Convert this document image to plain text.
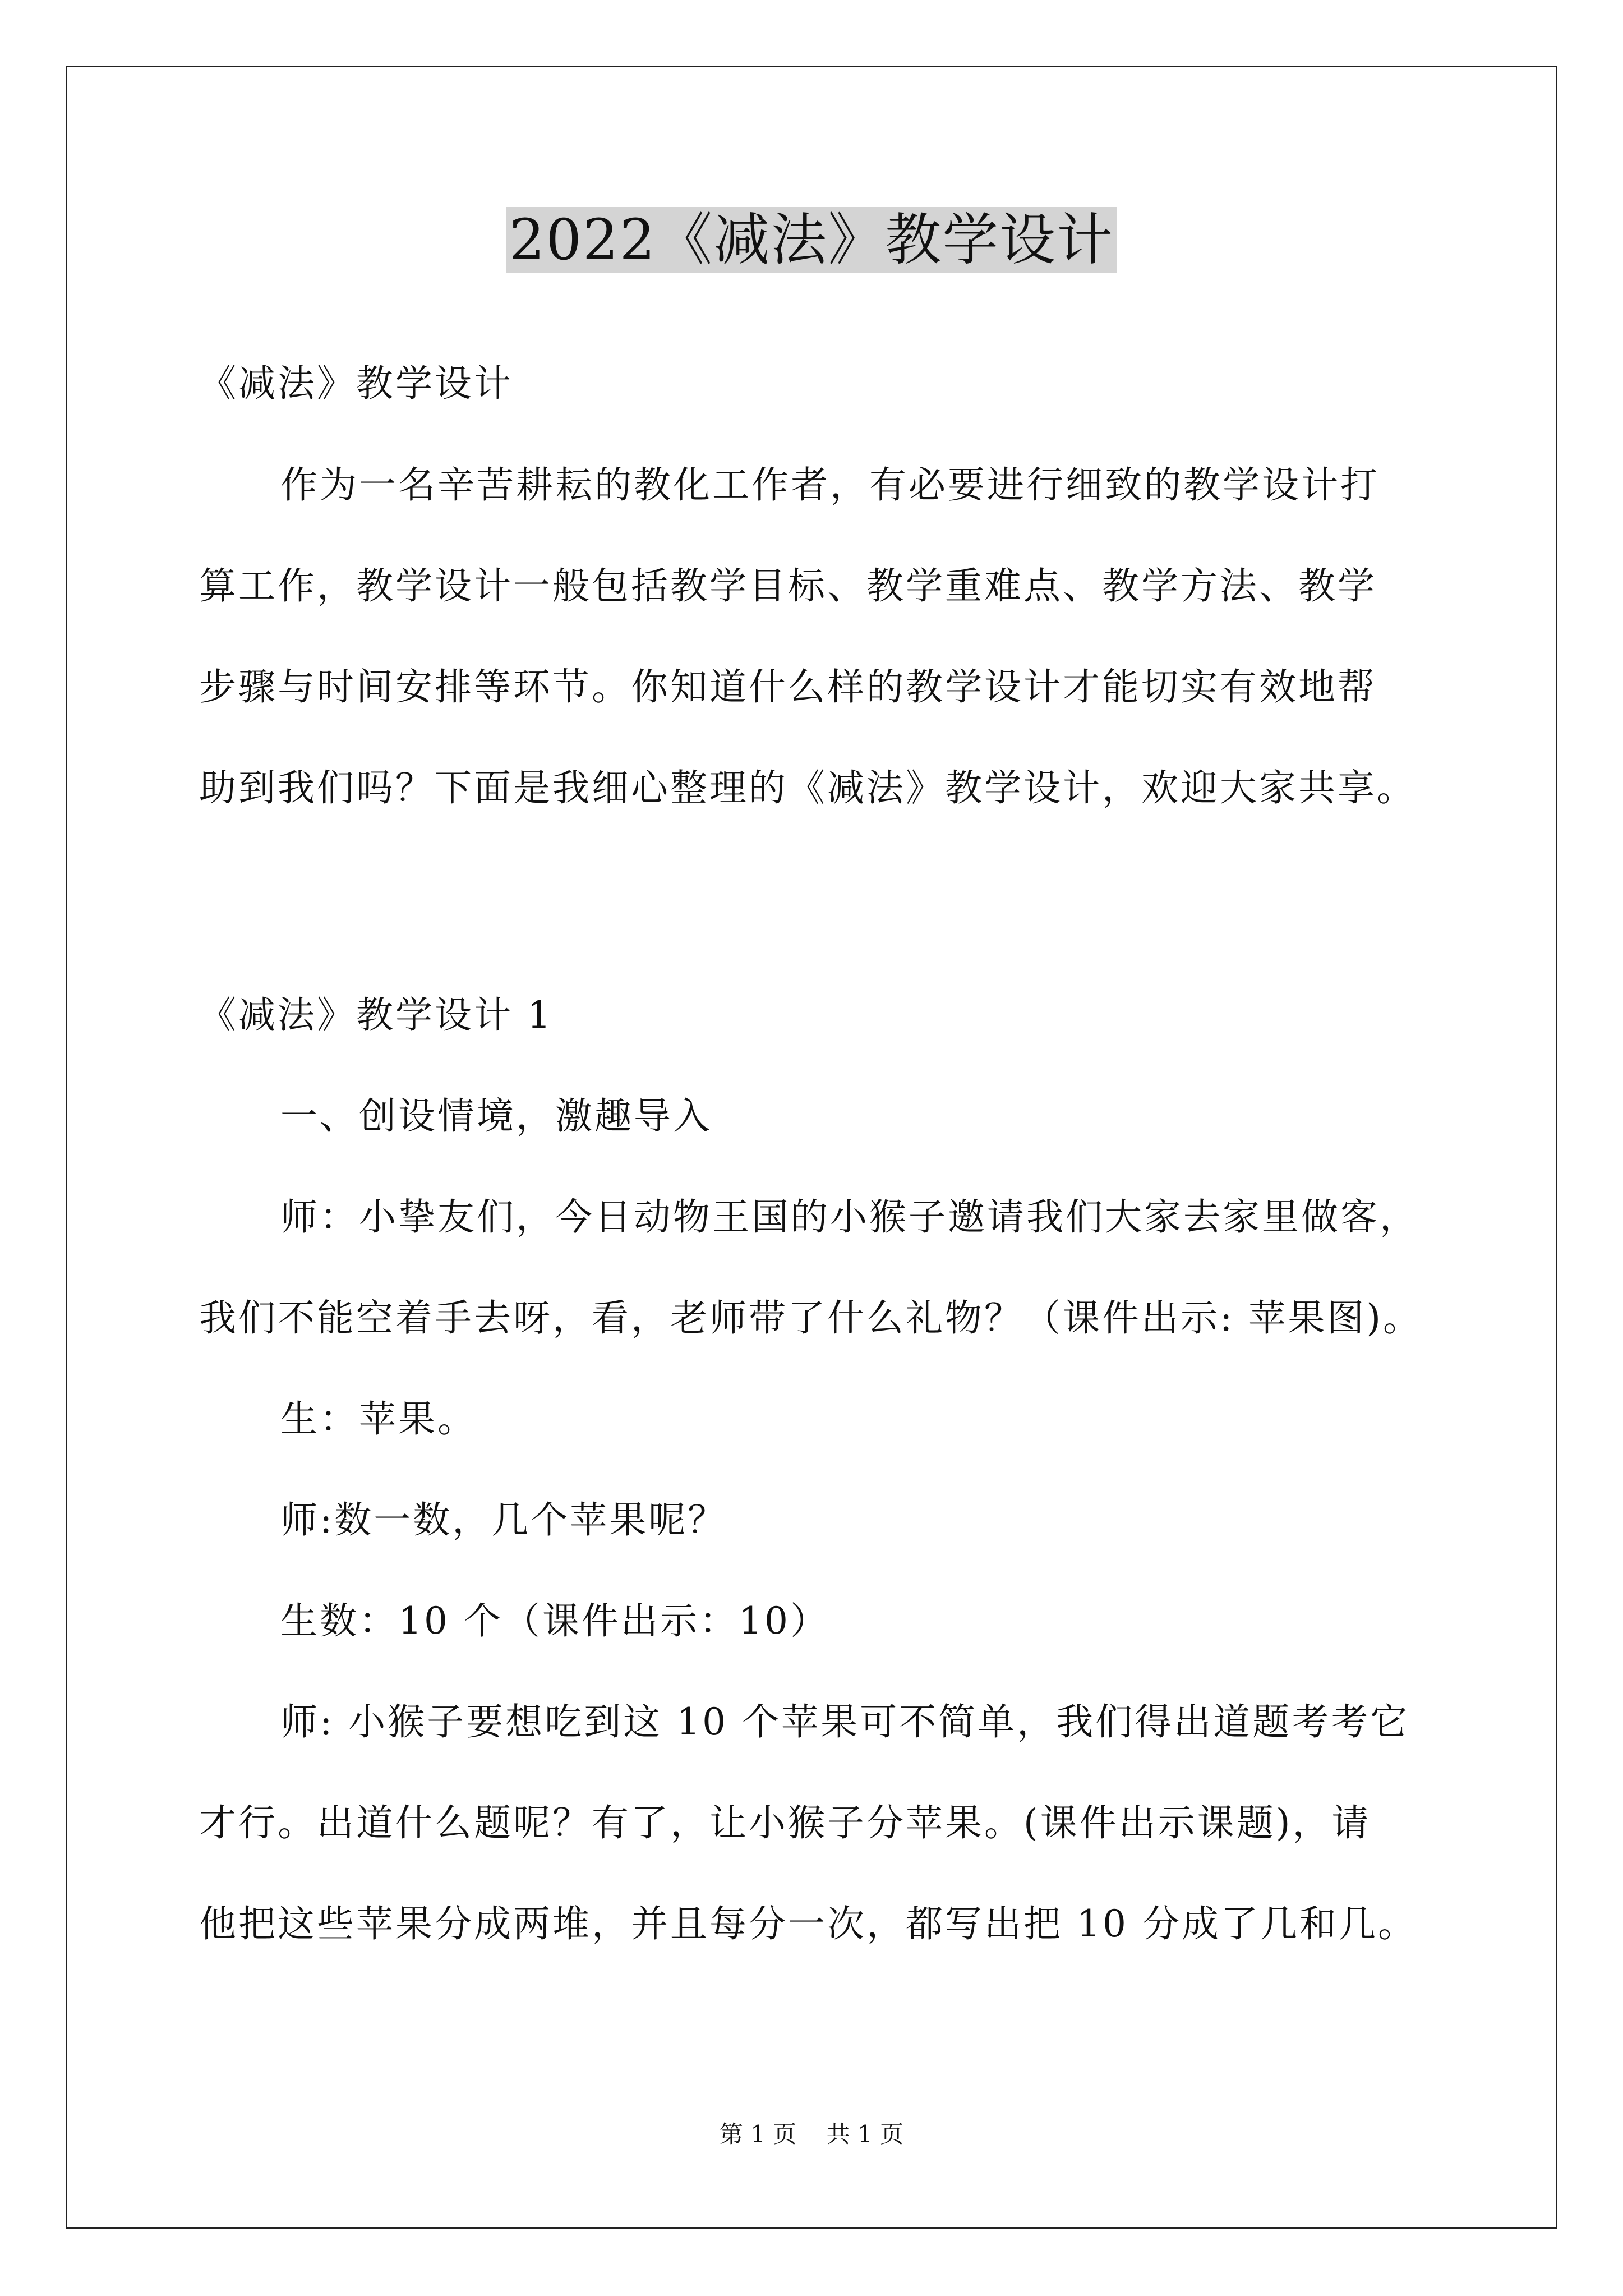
2022《减法》教学设计
《减法》教学设计
作为一名辛苦耕耘的教化工作者，有必要进行细致的教学设计打
算工作，教学设计一般包括教学目标、教学重难点、教学方法、教学
步骤与时间安排等环节。你知道什么样的教学设计才能切实有效地帮
助到我们吗？下面是我细心整理的《减法》教学设计，欢迎大家共享。
《减法》教学设计 1
一、创设情境，激趣导入
师：小挚友们，今日动物王国的小猴子邀请我们大家去家里做客，
我们不能空着手去呀，看，老师带了什么礼物？（课件出示: 苹果图)。
生：苹果。
师:数一数，几个苹果呢？
生数：10 个（课件出示：10）
师: 小猴子要想吃到这 10 个苹果可不简单，我们得出道题考考它
才行。出道什么题呢？有了，让小猴子分苹果。(课件出示课题)，请
他把这些苹果分成两堆，并且每分一次，都写出把 10 分成了几和几。
第 1 页    共 1 页
